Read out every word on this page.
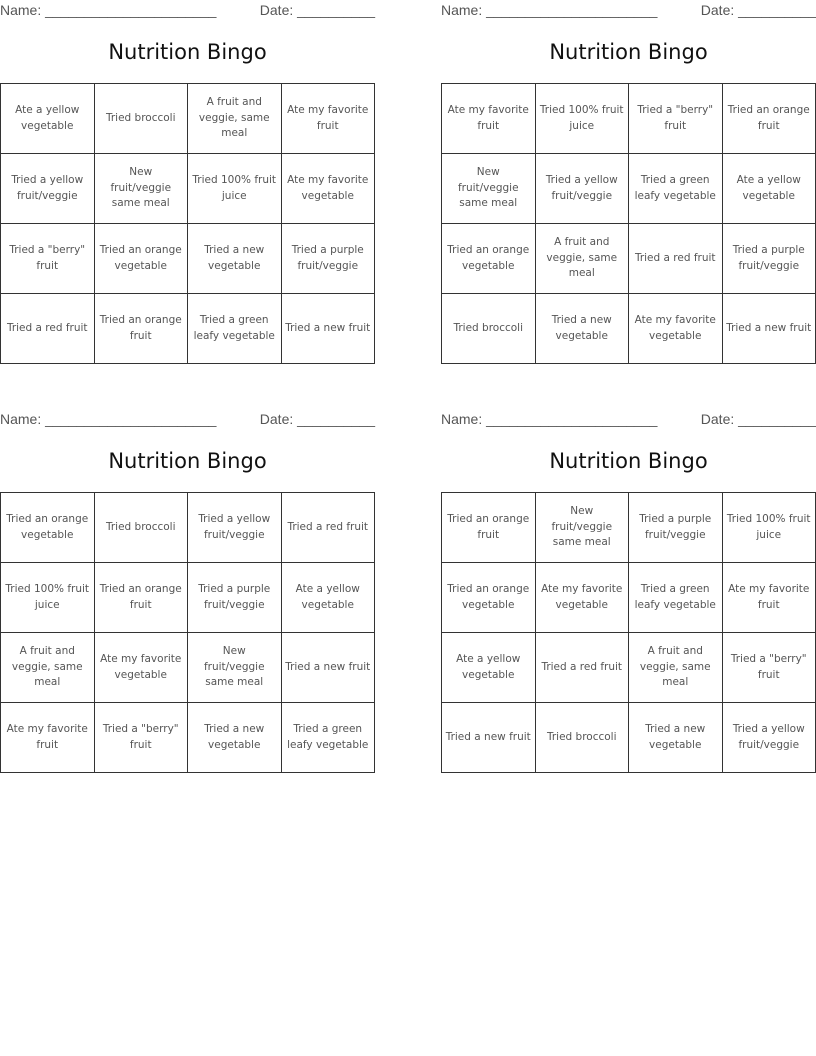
Name: ______________________	Date: __________
Nutrition Bingo
Ate a yellow vegetable	Tried broccoli	A fruit and veggie, same meal	Ate my favorite fruit
Tried a yellow fruit/veggie	New fruit/veggie same meal	Tried 100% fruit juice	Ate my favorite vegetable
Tried a "berry" fruit	Tried an orange vegetable	Tried a new vegetable	Tried a purple fruit/veggie
Tried a red fruit	Tried an orange fruit	Tried a green leafy vegetable	Tried a new fruit
Name: ______________________	Date: __________
Nutrition Bingo
Ate my favorite fruit	Tried 100% fruit juice	Tried a "berry" fruit	Tried an orange fruit
New fruit/veggie same meal	Tried a yellow fruit/veggie	Tried a green leafy vegetable	Ate a yellow vegetable
Tried an orange vegetable	A fruit and veggie, same meal	Tried a red fruit	Tried a purple fruit/veggie
Tried broccoli	Tried a new vegetable	Ate my favorite vegetable	Tried a new fruit
Name: ______________________	Date: __________
Nutrition Bingo
Tried an orange vegetable	Tried broccoli	Tried a yellow fruit/veggie	Tried a red fruit
Tried 100% fruit juice	Tried an orange fruit	Tried a purple fruit/veggie	Ate a yellow vegetable
A fruit and veggie, same meal	Ate my favorite vegetable	New fruit/veggie same meal	Tried a new fruit
Ate my favorite fruit	Tried a "berry" fruit	Tried a new vegetable	Tried a green leafy vegetable
Name: ______________________	Date: __________
Nutrition Bingo
Tried an orange fruit	New fruit/veggie same meal	Tried a purple fruit/veggie	Tried 100% fruit juice
Tried an orange vegetable	Ate my favorite vegetable	Tried a green leafy vegetable	Ate my favorite fruit
Ate a yellow vegetable	Tried a red fruit	A fruit and veggie, same meal	Tried a "berry" fruit
Tried a new fruit	Tried broccoli	Tried a new vegetable	Tried a yellow fruit/veggie
